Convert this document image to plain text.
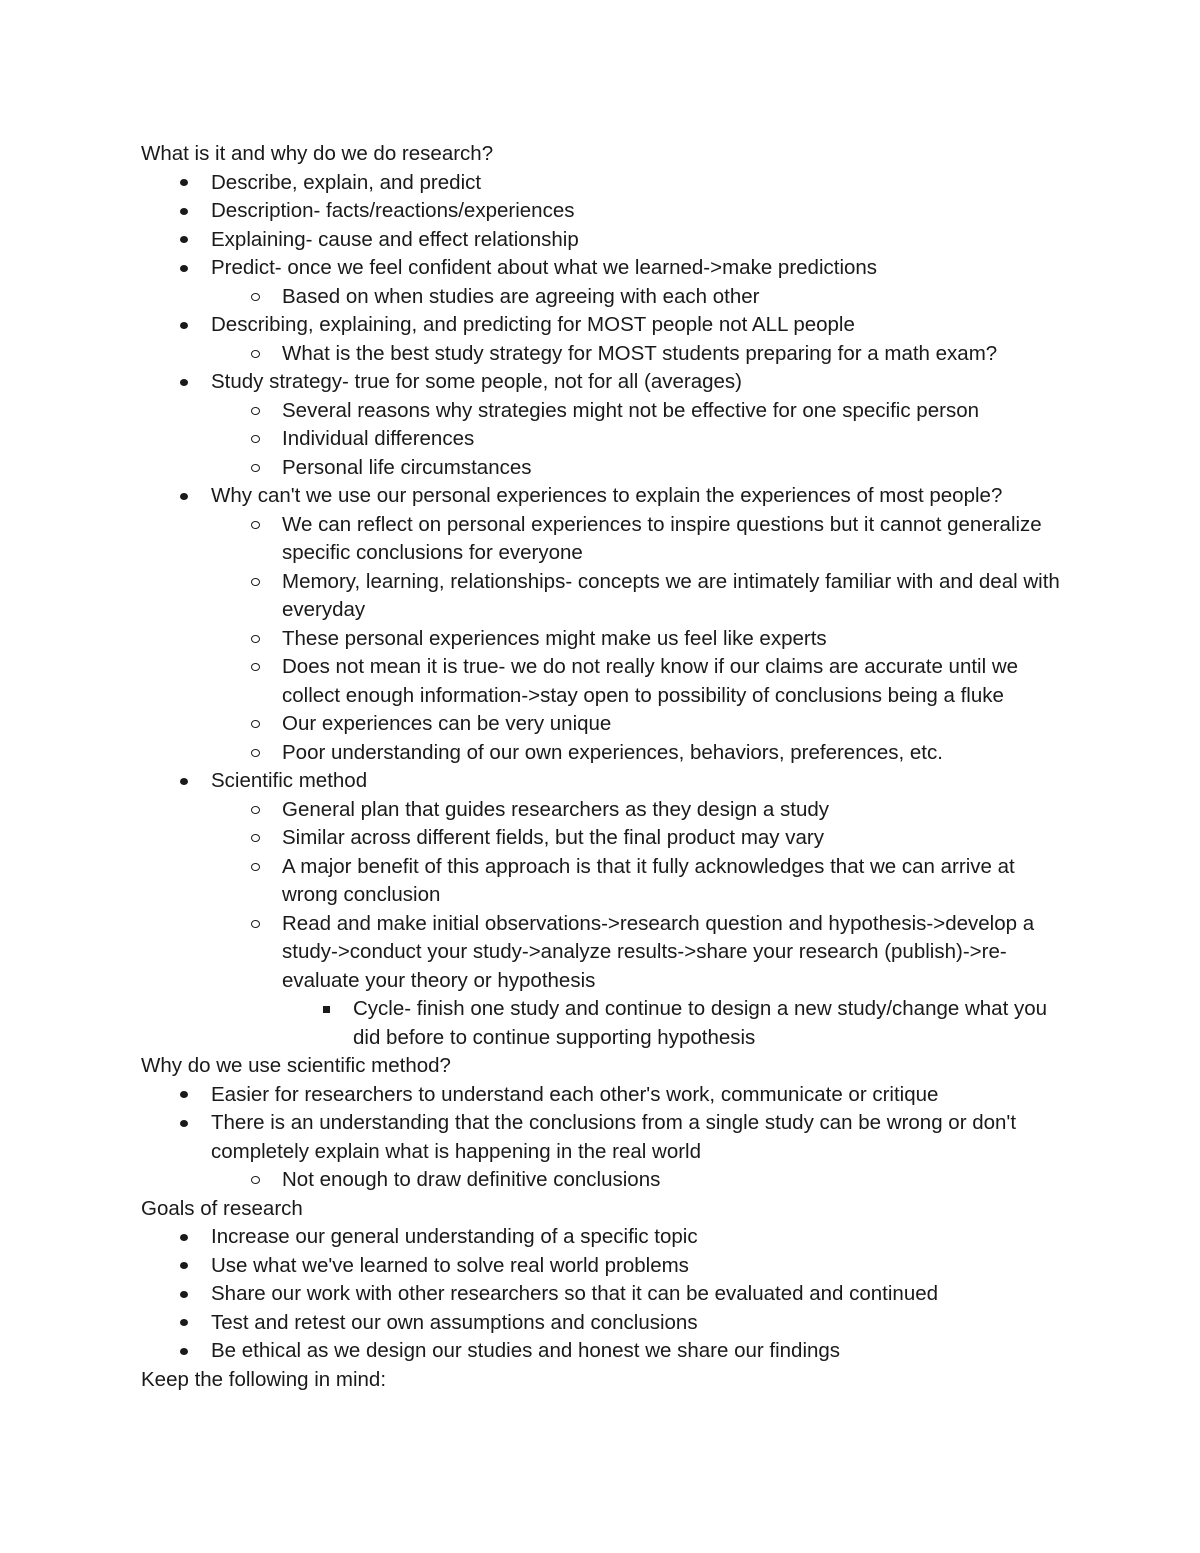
What is it and why do we do research?
Describe, explain, and predict
Description- facts/reactions/experiences
Explaining- cause and effect relationship
Predict- once we feel confident about what we learned->make predictions
Based on when studies are agreeing with each other
Describing, explaining, and predicting for MOST people not ALL people
What is the best study strategy for MOST students preparing for a math exam?
Study strategy- true for some people, not for all (averages)
Several reasons why strategies might not be effective for one specific person
Individual differences
Personal life circumstances
Why can't we use our personal experiences to explain the experiences of most people?
We can reflect on personal experiences to inspire questions but it cannot generalize specific conclusions for everyone
Memory, learning, relationships- concepts we are intimately familiar with and deal with everyday
These personal experiences might make us feel like experts
Does not mean it is true- we do not really know if our claims are accurate until we collect enough information->stay open to possibility of conclusions being a fluke
Our experiences can be very unique
Poor understanding of our own experiences, behaviors, preferences, etc.
Scientific method
General plan that guides researchers as they design a study
Similar across different fields, but the final product may vary
A major benefit of this approach is that it fully acknowledges that we can arrive at wrong conclusion
Read and make initial observations->research question and hypothesis->develop a study->conduct your study->analyze results->share your research (publish)->re-evaluate your theory or hypothesis
Cycle- finish one study and continue to design a new study/change what you did before to continue supporting hypothesis
Why do we use scientific method?
Easier for researchers to understand each other's work, communicate or critique
There is an understanding that the conclusions from a single study can be wrong or don't completely explain what is happening in the real world
Not enough to draw definitive conclusions
Goals of research
Increase our general understanding of a specific topic
Use what we've learned to solve real world problems
Share our work with other researchers so that it can be evaluated and continued
Test and retest our own assumptions and conclusions
Be ethical as we design our studies and honest we share our findings
Keep the following in mind:
